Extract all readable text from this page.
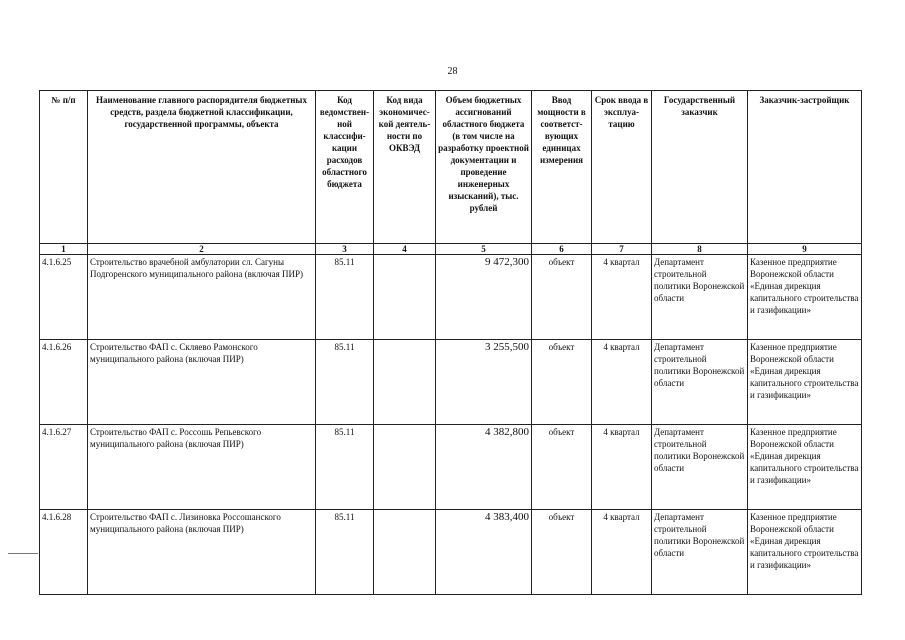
28
№ п/п	Наименование главного распорядителя бюджетных средств, раздела бюджетной классификации, государственной программы, объекта	Код ведомствен-ной классифи-кации расходов областного бюджета	Код вида экономичес-кой деятель-ности по ОКВЭД	Объем бюджетных ассигнований областного бюджета (в том числе на разработку проектной документации и проведение инженерных изысканий), тыс. рублей	Ввод мощности в соответст-вующих единицах измерения	Срок ввода в эксплуа-тацию	Государственный заказчик	Заказчик-застройщик
1	2	3	4	5	6	7	8	9
4.1.6.25	Строительство врачебной амбулатории сл. Сагуны Подгоренского муниципального района (включая ПИР)	85.11		9 472,300	объект	4 квартал	Департамент строительной политики Воронежской области	Казенное предприятие Воронежской области «Единая дирекция капитального строительства и газификации»
4.1.6.26	Строительство ФАП с. Скляево Рамонского муниципального района (включая ПИР)	85.11		3 255,500	объект	4 квартал	Департамент строительной политики Воронежской области	Казенное предприятие Воронежской области «Единая дирекция капитального строительства и газификации»
4.1.6.27	Строительство ФАП с. Россошь Репьевского муниципального района (включая ПИР)	85.11		4 382,800	объект	4 квартал	Департамент строительной политики Воронежской области	Казенное предприятие Воронежской области «Единая дирекция капитального строительства и газификации»
4.1.6.28	Строительство ФАП с. Лизиновка Россошанского муниципального района (включая ПИР)	85.11		4 383,400	объект	4 квартал	Департамент строительной политики Воронежской области	Казенное предприятие Воронежской области «Единая дирекция капитального строительства и газификации»
